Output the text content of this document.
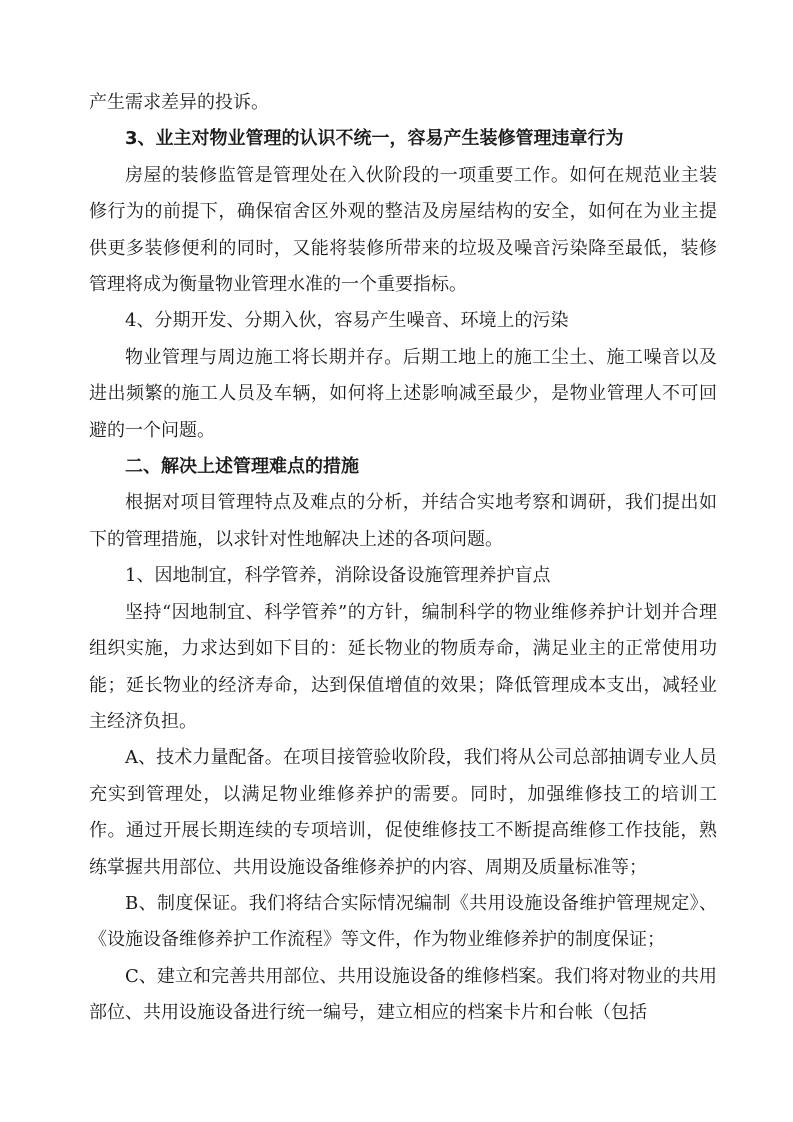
产生需求差异的投诉。

3、业主对物业管理的认识不统一，容易产生装修管理违章行为

房屋的装修监管是管理处在入伙阶段的一项重要工作。如何在规范业主装修行为的前提下，确保宿舍区外观的整洁及房屋结构的安全，如何在为业主提供更多装修便利的同时，又能将装修所带来的垃圾及噪音污染降至最低，装修管理将成为衡量物业管理水准的一个重要指标。

4、分期开发、分期入伙，容易产生噪音、环境上的污染

物业管理与周边施工将长期并存。后期工地上的施工尘土、施工噪音以及进出频繁的施工人员及车辆，如何将上述影响减至最少，是物业管理人不可回避的一个问题。

二、解决上述管理难点的措施

根据对项目管理特点及难点的分析，并结合实地考察和调研，我们提出如下的管理措施，以求针对性地解决上述的各项问题。

1、因地制宜，科学管养，消除设备设施管理养护盲点

坚持“因地制宜、科学管养”的方针，编制科学的物业维修养护计划并合理组织实施，力求达到如下目的：延长物业的物质寿命，满足业主的正常使用功能；延长物业的经济寿命，达到保值增值的效果；降低管理成本支出，减轻业主经济负担。

A、技术力量配备。在项目接管验收阶段，我们将从公司总部抽调专业人员充实到管理处，以满足物业维修养护的需要。同时，加强维修技工的培训工作。通过开展长期连续的专项培训，促使维修技工不断提高维修工作技能，熟练掌握共用部位、共用设施设备维修养护的内容、周期及质量标准等；

B、制度保证。我们将结合实际情况编制《共用设施设备维护管理规定》、《设施设备维修养护工作流程》等文件，作为物业维修养护的制度保证；

C、建立和完善共用部位、共用设施设备的维修档案。我们将对物业的共用部位、共用设施设备进行统一编号，建立相应的档案卡片和台帐（包括
